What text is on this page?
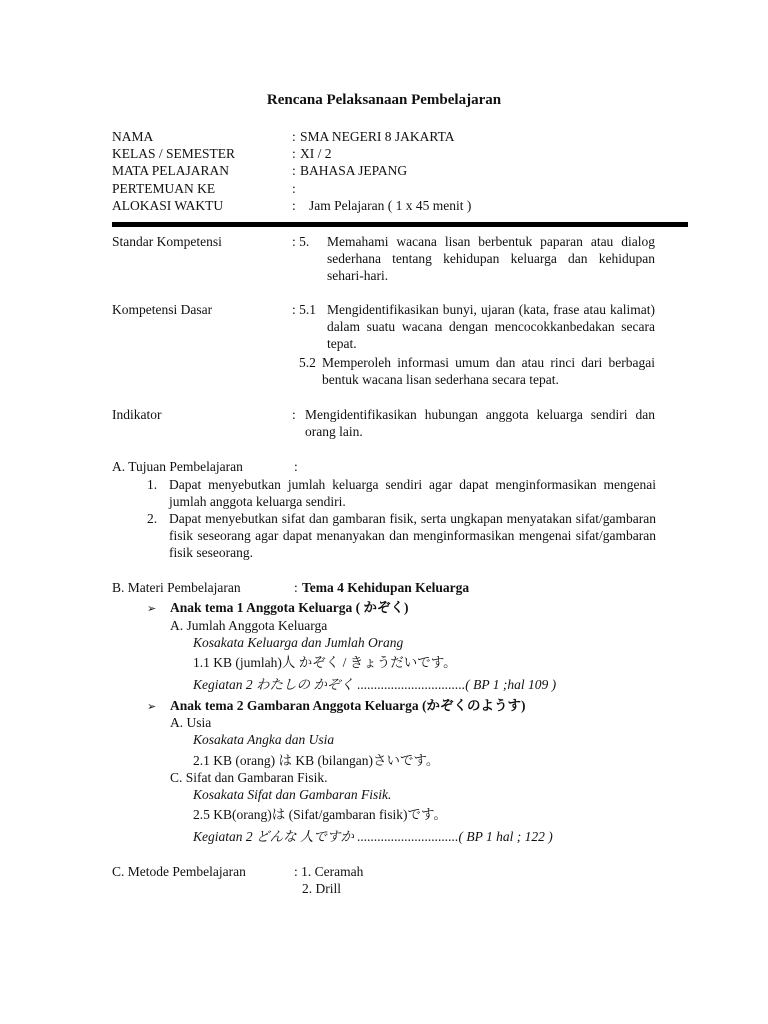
Rencana Pelaksanaan Pembelajaran
NAMA	: SMA NEGERI 8 JAKARTA
KELAS / SEMESTER	: XI / 2
MATA PELAJARAN	: BAHASA JEPANG
PERTEMUAN KE	:
ALOKASI WAKTU	: Jam Pelajaran ( 1 x 45 menit )
Standar Kompetensi	: 5. Memahami wacana lisan berbentuk paparan atau dialog sederhana tentang kehidupan keluarga dan kehidupan sehari-hari.
Kompetensi Dasar	: 5.1 Mengidentifikasikan bunyi, ujaran (kata, frase atau kalimat) dalam suatu wacana dengan mencocokkanbedakan secara tepat.
5.2 Memperoleh informasi umum dan atau rinci dari berbagai bentuk wacana lisan sederhana secara tepat.
Indikator	: Mengidentifikasikan hubungan anggota keluarga sendiri dan orang lain.
A. Tujuan Pembelajaran	:
1. Dapat menyebutkan jumlah keluarga sendiri agar dapat menginformasikan mengenai jumlah anggota keluarga sendiri.
2. Dapat menyebutkan sifat dan gambaran fisik, serta ungkapan menyatakan sifat/gambaran fisik seseorang agar dapat menanyakan dan menginformasikan mengenai sifat/gambaran fisik seseorang.
B. Materi Pembelajaran	: Tema 4 Kehidupan Keluarga
➢ Anak tema 1 Anggota Keluarga ( かぞく)
A. Jumlah Anggota Keluarga
Kosakata Keluarga dan Jumlah Orang
1.1 KB (jumlah)人 かぞく / きょうだいです。
Kegiatan 2 わたしの かぞく ................................( BP 1 ;hal 109 )
➢ Anak tema 2 Gambaran Anggota Keluarga (かぞくのようす)
A. Usia
Kosakata Angka dan Usia
2.1 KB (orang) は KB (bilangan)さいです。
C. Sifat dan Gambaran Fisik.
Kosakata Sifat dan Gambaran Fisik.
2.5 KB(orang)は (Sifat/gambaran fisik)です。
Kegiatan 2 どんな 人ですか ..............................( BP 1 hal ; 122 )
C. Metode Pembelajaran	: 1. Ceramah
2. Drill
